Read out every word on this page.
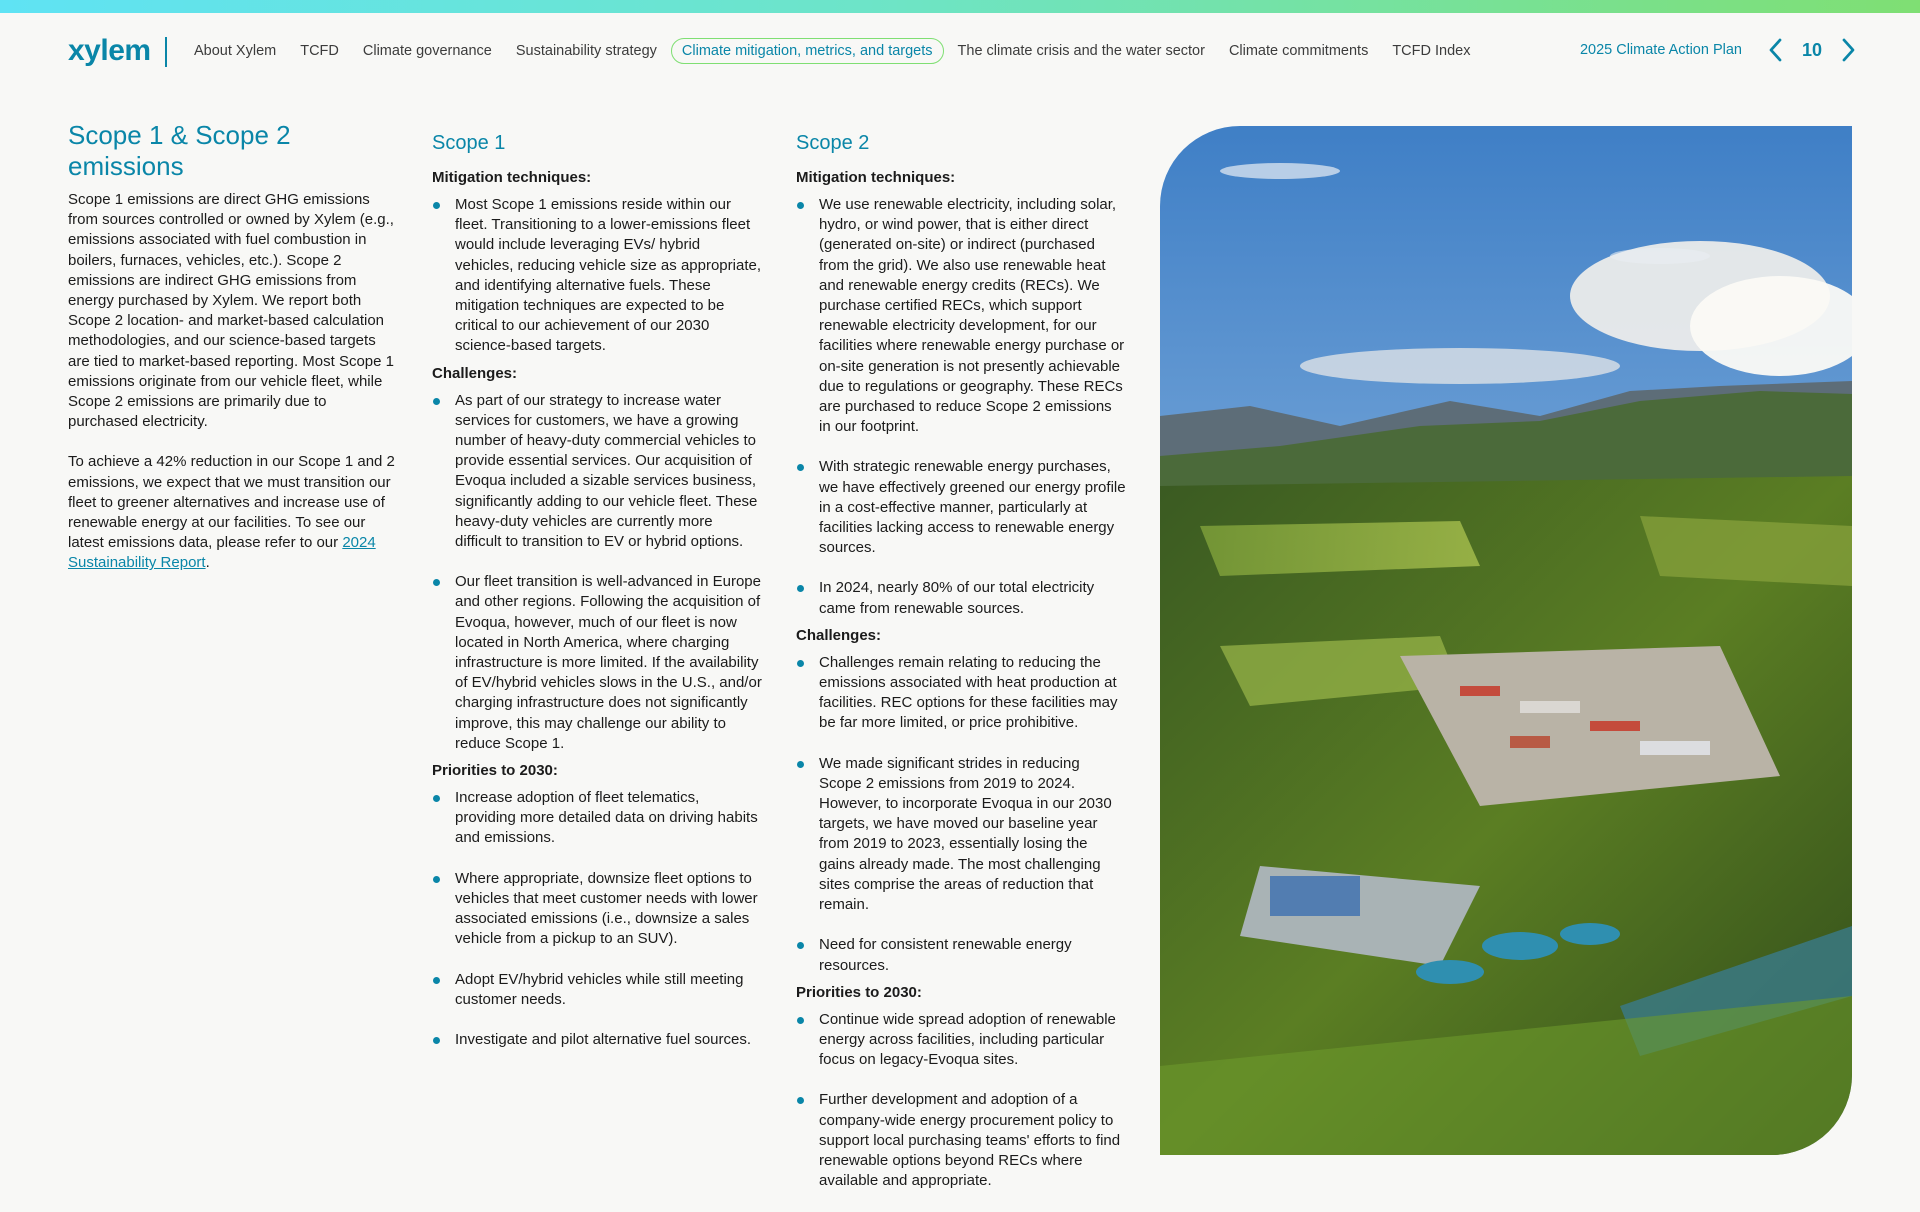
xylem	About Xylem	TCFD	Climate governance	Sustainability strategy	Climate mitigation, metrics, and targets	The climate crisis and the water sector	Climate commitments	TCFD Index	2025 Climate Action Plan	10
Scope 1 & Scope 2 emissions

Scope 1 emissions are direct GHG emissions from sources controlled or owned by Xylem (e.g., emissions associated with fuel combustion in boilers, furnaces, vehicles, etc.). Scope 2 emissions are indirect GHG emissions from energy purchased by Xylem. We report both Scope 2 location- and market-based calculation methodologies, and our science-based targets are tied to market-based reporting. Most Scope 1 emissions originate from our vehicle fleet, while Scope 2 emissions are primarily due to purchased electricity.

To achieve a 42% reduction in our Scope 1 and 2 emissions, we expect that we must transition our fleet to greener alternatives and increase use of renewable energy at our facilities. To see our latest emissions data, please refer to our 2024 Sustainability Report.

Scope 1
Mitigation techniques:
Most Scope 1 emissions reside within our fleet. Transitioning to a lower-emissions fleet would include leveraging EVs/ hybrid vehicles, reducing vehicle size as appropriate, and identifying alternative fuels. These mitigation techniques are expected to be critical to our achievement of our 2030 science-based targets.
Challenges:
As part of our strategy to increase water services for customers, we have a growing number of heavy-duty commercial vehicles to provide essential services. Our acquisition of Evoqua included a sizable services business, significantly adding to our vehicle fleet. These heavy-duty vehicles are currently more difficult to transition to EV or hybrid options.
Our fleet transition is well-advanced in Europe and other regions. Following the acquisition of Evoqua, however, much of our fleet is now located in North America, where charging infrastructure is more limited. If the availability of EV/hybrid vehicles slows in the U.S., and/or charging infrastructure does not significantly improve, this may challenge our ability to reduce Scope 1.
Priorities to 2030:
Increase adoption of fleet telematics, providing more detailed data on driving habits and emissions.
Where appropriate, downsize fleet options to vehicles that meet customer needs with lower associated emissions (i.e., downsize a sales vehicle from a pickup to an SUV).
Adopt EV/hybrid vehicles while still meeting customer needs.
Investigate and pilot alternative fuel sources.
Scope 2
Mitigation techniques:
We use renewable electricity, including solar, hydro, or wind power, that is either direct (generated on-site) or indirect (purchased from the grid). We also use renewable heat and renewable energy credits (RECs). We purchase certified RECs, which support renewable electricity development, for our facilities where renewable energy purchase or on-site generation is not presently achievable due to regulations or geography. These RECs are purchased to reduce Scope 2 emissions in our footprint.
With strategic renewable energy purchases, we have effectively greened our energy profile in a cost-effective manner, particularly at facilities lacking access to renewable energy sources.
In 2024, nearly 80% of our total electricity came from renewable sources.
Challenges:
Challenges remain relating to reducing the emissions associated with heat production at facilities. REC options for these facilities may be far more limited, or price prohibitive.
We made significant strides in reducing Scope 2 emissions from 2019 to 2024. However, to incorporate Evoqua in our 2030 targets, we have moved our baseline year from 2019 to 2023, essentially losing the gains already made. The most challenging sites comprise the areas of reduction that remain.
Need for consistent renewable energy resources.
Priorities to 2030:
Continue wide spread adoption of renewable energy across facilities, including particular focus on legacy-Evoqua sites.
Further development and adoption of a company-wide energy procurement policy to support local purchasing teams' efforts to find renewable options beyond RECs where available and appropriate.
